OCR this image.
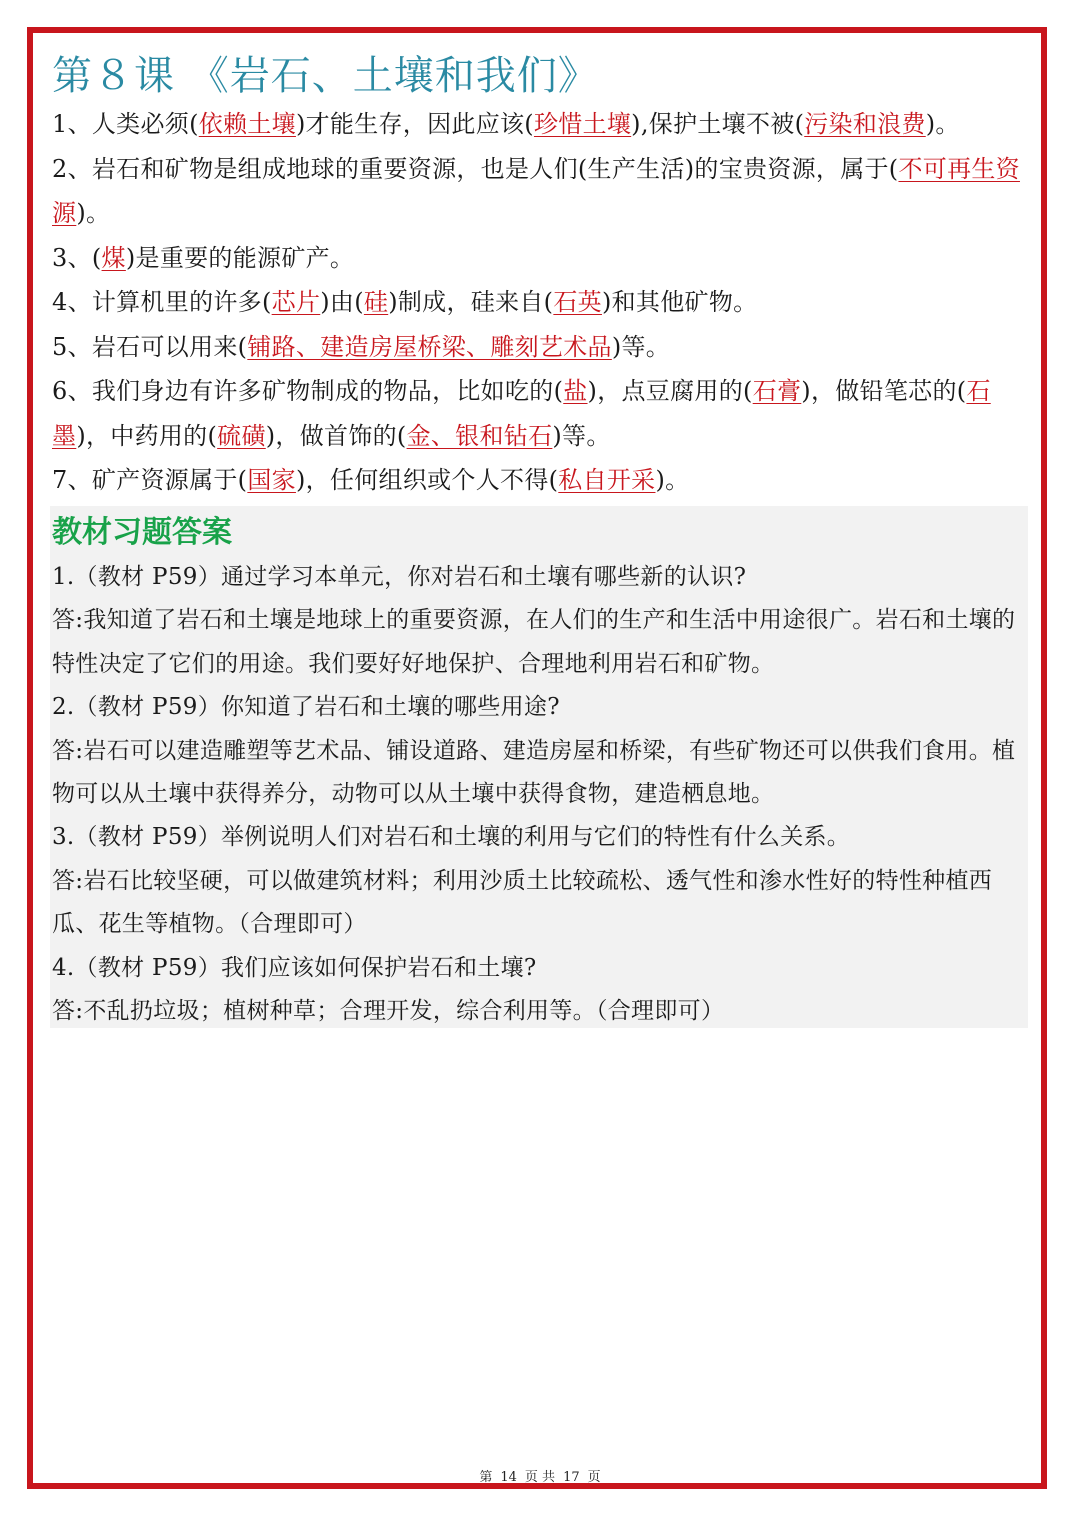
第８课 《岩石、土壤和我们》

1、人类必须(依赖土壤)才能生存，因此应该(珍惜土壤),保护土壤不被(污染和浪费)。

2、岩石和矿物是组成地球的重要资源，也是人们(生产生活)的宝贵资源，属于(不可再生资源)。

3、(煤)是重要的能源矿产。

4、计算机里的许多(芯片)由(硅)制成，硅来自(石英)和其他矿物。

5、岩石可以用来(铺路、建造房屋桥梁、雕刻艺术品)等。

6、我们身边有许多矿物制成的物品，比如吃的(盐)，点豆腐用的(石膏)，做铅笔芯的(石墨)，中药用的(硫磺)，做首饰的(金、银和钻石)等。

7、矿产资源属于(国家)，任何组织或个人不得(私自开采)。

教材习题答案

1.（教材 P59）通过学习本单元，你对岩石和土壤有哪些新的认识?

答:我知道了岩石和土壤是地球上的重要资源，在人们的生产和生活中用途很广。岩石和土壤的特性决定了它们的用途。我们要好好地保护、合理地利用岩石和矿物。

2.（教材 P59）你知道了岩石和土壤的哪些用途?

答:岩石可以建造雕塑等艺术品、铺设道路、建造房屋和桥梁，有些矿物还可以供我们食用。植物可以从土壤中获得养分，动物可以从土壤中获得食物，建造栖息地。

3.（教材 P59）举例说明人们对岩石和土壤的利用与它们的特性有什么关系。

答:岩石比较坚硬，可以做建筑材料；利用沙质土比较疏松、透气性和渗水性好的特性种植西瓜、花生等植物。（合理即可）

4.（教材 P59）我们应该如何保护岩石和土壤?

答:不乱扔垃圾；植树种草；合理开发，综合利用等。（合理即可）

第 14 页 共 17 页
